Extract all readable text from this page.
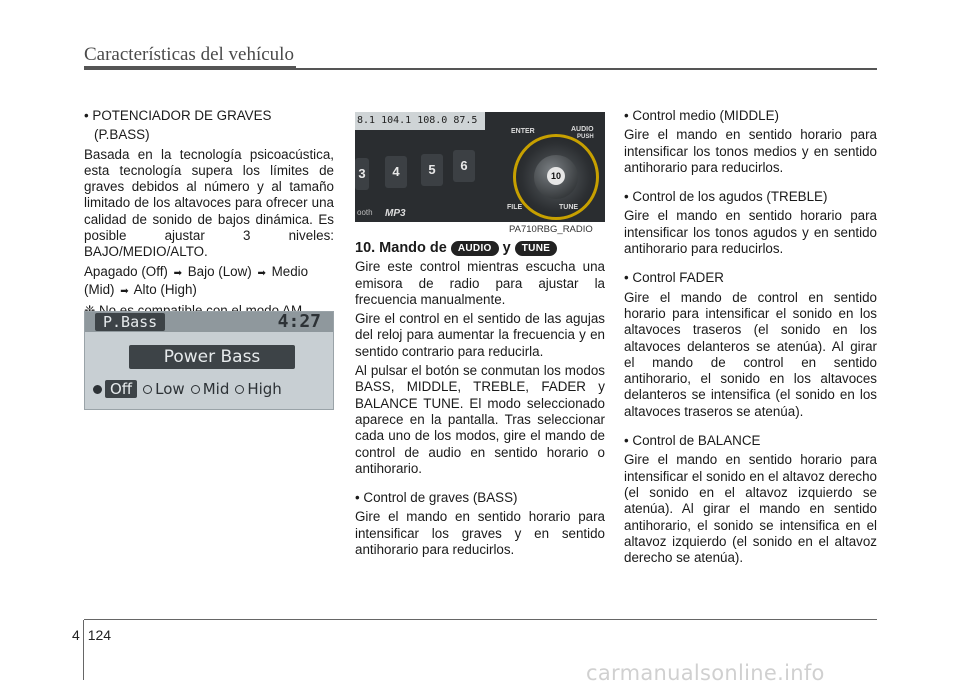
Características del vehículo

• POTENCIADOR DE GRAVES

(P.BASS)

Basada en la tecnología psicoacústica, esta tecnología supera los límites de graves debidos al número y al tamaño limitado de los altavoces para ofrecer una calidad de sonido de bajos dinámica. Es posible ajustar 3 niveles: BAJO/MEDIO/ALTO.

Apagado (Off) ➡ Bajo (Low) ➡ Medio
(Mid) ➡ Alto (High)

P.Bass	4:27
Power Bass
Off	Low Mid High
8.1 104.1 108.0 87.5
3	4	5	6
ENTER	AUDIO
PUSH
10
FILE	TUNE
ooth MP3
PA710RBG_RADIO

10. Mando de AUDIO y TUNE

Gire este control mientras escucha una emisora de radio para ajustar la frecuencia manualmente.

Gire el control en el sentido de las agujas del reloj para aumentar la frecuencia y en sentido contrario para reducirla.

Al pulsar el botón se conmutan los modos BASS, MIDDLE, TREBLE, FADER y BALANCE TUNE. El modo seleccionado aparece en la pantalla. Tras seleccionar cada uno de los modos, gire el mando de control de audio en sentido horario o antihorario.

• Control de graves (BASS)

Gire el mando en sentido horario para intensificar los graves y en sentido antihorario para reducirlos.

• Control medio (MIDDLE)

Gire el mando en sentido horario para intensificar los tonos medios y en sentido antihorario para reducirlos.

• Control de los agudos (TREBLE)

Gire el mando en sentido horario para intensificar los tonos agudos y en sentido antihorario para reducirlos.

• Control FADER

Gire el mando de control en sentido horario para intensificar el sonido en los altavoces traseros (el sonido en los altavoces delanteros se atenúa). Al girar el mando de control en sentido antihorario, el sonido en los altavoces delanteros se intensifica (el sonido en los altavoces traseros se atenúa).

• Control de BALANCE

Gire el mando en sentido horario para intensificar el sonido en el altavoz derecho (el sonido en el altavoz izquierdo se atenúa). Al girar el mando en sentido antihorario, el sonido se intensifica en el altavoz izquierdo (el sonido en el altavoz derecho se atenúa).

4 124
carmanualsonline.info
